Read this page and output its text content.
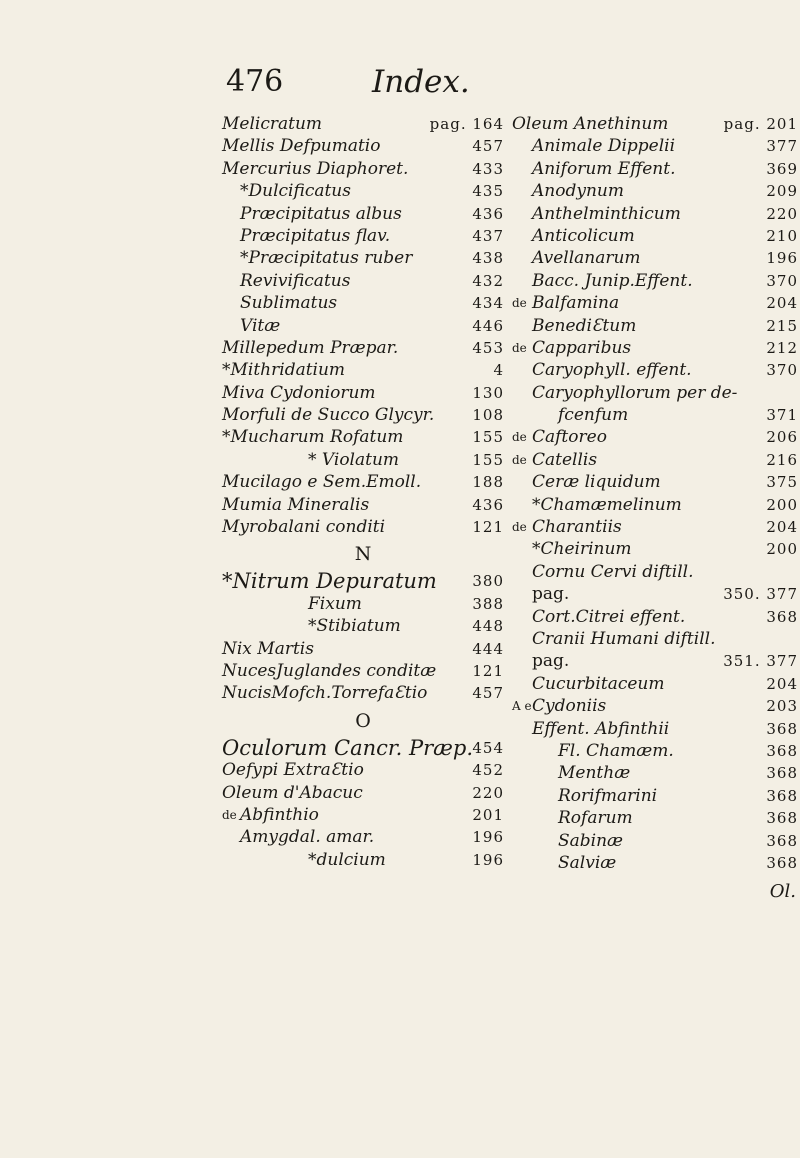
476	Index.
Melicratum	pag. 164
Mellis Defpumatio	457
Mercurius Diaphoret.	433
*Dulcificatus	435
Præcipitatus albus	436
Præcipitatus flav.	437
*Præcipitatus ruber	438
Revivificatus	432
Sublimatus	434
Vitæ	446
Millepedum Præpar.	453
*Mithridatium	4
Miva Cydoniorum	130
Morfuli de Succo Glycyr.	108
*Mucharum Rofatum	155
* Violatum	155
Mucilago e Sem.Emoll.	188
Mumia Mineralis	436
Myrobalani conditi	121
N
*Nitrum Depuratum 380
Fixum	388
*Stibiatum	448
Nix Martis	444
NucesJuglandes conditæ 121
NucisMofch.TorrefaƐtio	457
O
Oculorum Cancr. Præp. 454
Oefypi ExtraƐtio	452
Oleum d'Abacuc	220
de Abfinthio	201
Amygdal. amar.	196
*dulcium	196
Oleum Anethinum	pag. 201
Animale Dippelii	377
Aniforum Effent.	369
Anodynum	209
Anthelminthicum	220
Anticolicum	210
Avellanarum	196
Bacc. Junip.Effent.	370
de Balfamina	204
BenediƐtum	215
de Capparibus	212
Caryophyll. effent.	370
Caryophyllorum per de-
fcenfum	371
de Caftoreo	206
de Catellis	216
Ceræ liquidum	375
*Chamæmelinum	200
de Charantiis	204
*Cheirinum	200
Cornu Cervi diftill.
pag.	350. 377
Cort.Citrei effent.	368
Cranii Humani diftill.
pag.	351. 377
Cucurbitaceum	204
A e Cydoniis	203
Effent. Abfinthii	368
Fl. Chamæm.	368
Menthæ	368
Rorifmarini	368
Rofarum	368
Sabinæ	368
Salviæ	368
Ol.
